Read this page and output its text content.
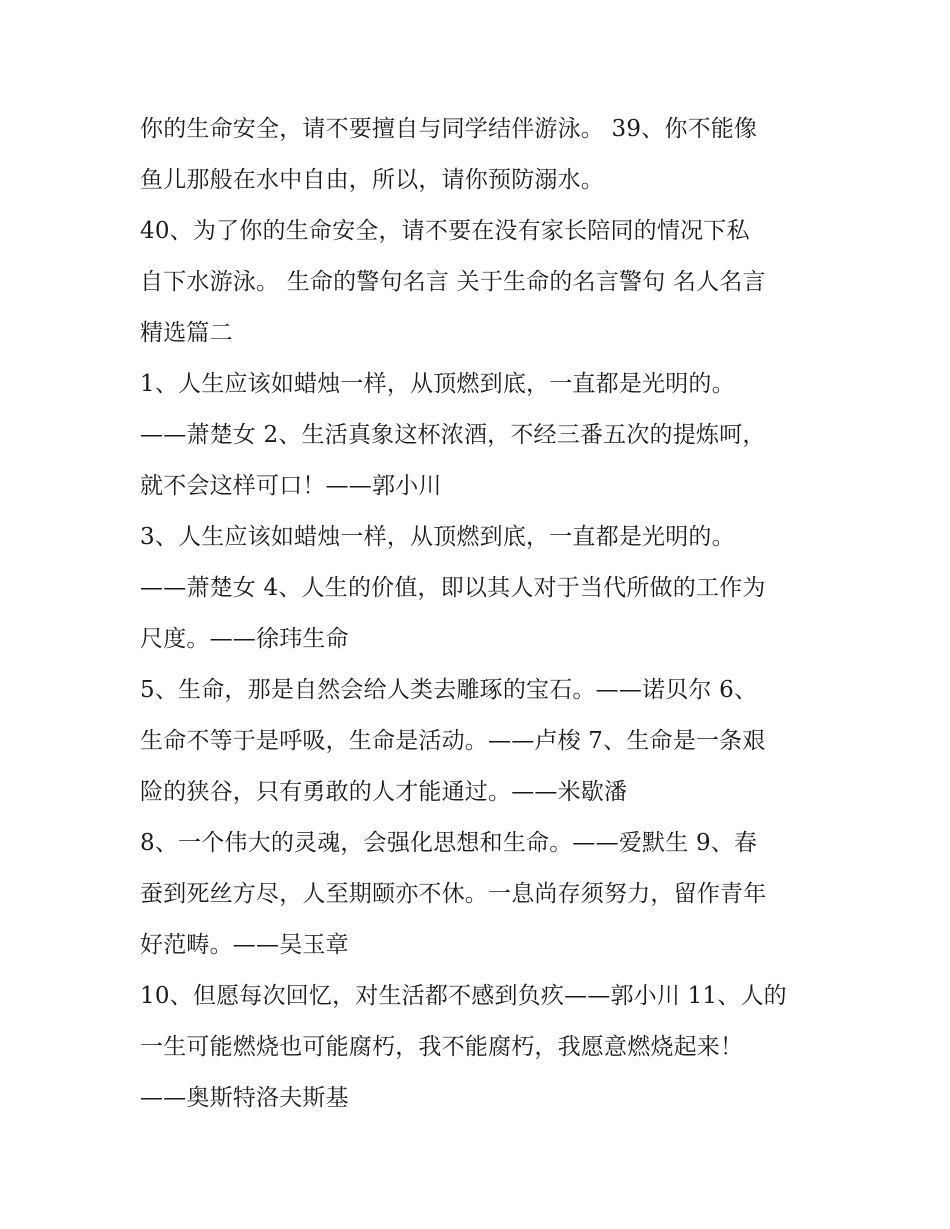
你的生命安全，请不要擅自与同学结伴游泳。 39、你不能像
鱼儿那般在水中自由，所以，请你预防溺水。
40、为了你的生命安全，请不要在没有家长陪同的情况下私
自下水游泳。 生命的警句名言 关于生命的名言警句 名人名言
精选篇二
1、人生应该如蜡烛一样，从顶燃到底，一直都是光明的。
——萧楚女 2、生活真象这杯浓酒，不经三番五次的提炼呵，
就不会这样可口！——郭小川
3、人生应该如蜡烛一样，从顶燃到底，一直都是光明的。
——萧楚女 4、人生的价值，即以其人对于当代所做的工作为
尺度。——徐玮生命
5、生命，那是自然会给人类去雕琢的宝石。——诺贝尔 6、
生命不等于是呼吸，生命是活动。——卢梭 7、生命是一条艰
险的狭谷，只有勇敢的人才能通过。——米歇潘
8、一个伟大的灵魂，会强化思想和生命。——爱默生 9、春
蚕到死丝方尽，人至期颐亦不休。一息尚存须努力，留作青年
好范畴。——吴玉章
10、但愿每次回忆，对生活都不感到负疚——郭小川 11、人的
一生可能燃烧也可能腐朽，我不能腐朽，我愿意燃烧起来！
——奥斯特洛夫斯基
